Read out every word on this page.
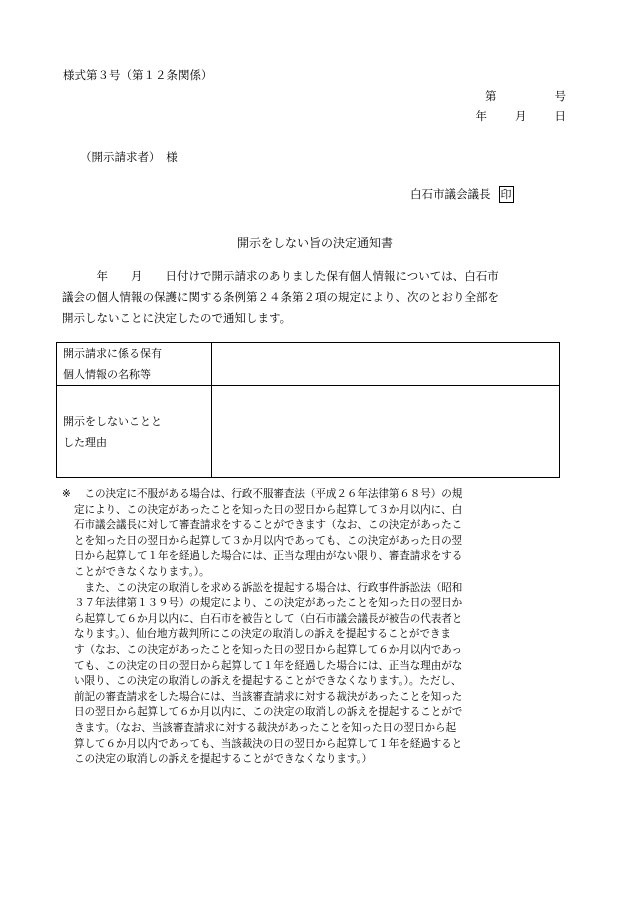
様式第３号（第１２条関係）
第	号
年 月 日
（開示請求者）　様
白石市議会議長 印
開示をしない旨の決定通知書
　　　年　　月　　日付けで開示請求のありました保有個人情報については、白石市
議会の個人情報の保護に関する条例第２４条第２項の規定により、次のとおり全部を
開示しないことに決定したので通知します。
開示請求に係る保有
個人情報の名称等	

開示をしないことと
した理由	

※　 この決定に不服がある場合は、行政不服審査法（平成２６年法律第６８号）の規
定により、この決定があったことを知った日の翌日から起算して３か月以内に、白
石市議会議長に対して審査請求をすることができます（なお、この決定があったこ
とを知った日の翌日から起算して３か月以内であっても、この決定があった日の翌
日から起算して１年を経過した場合には、正当な理由がない限り、審査請求をする
ことができなくなります。）。
　また、この決定の取消しを求める訴訟を提起する場合は、行政事件訴訟法（昭和
３７年法律第１３９号）の規定により、この決定があったことを知った日の翌日か
ら起算して６か月以内に、白石市を被告として（白石市議会議長が被告の代表者と
なります。）、仙台地方裁判所にこの決定の取消しの訴えを提起することができま
す（なお、この決定があったことを知った日の翌日から起算して６か月以内であっ
ても、この決定の日の翌日から起算して１年を経過した場合には、正当な理由がな
い限り、この決定の取消しの訴えを提起することができなくなります。）。ただし、
前記の審査請求をした場合には、当該審査請求に対する裁決があったことを知った
日の翌日から起算して６か月以内に、この決定の取消しの訴えを提起することがで
きます。（なお、当該審査請求に対する裁決があったことを知った日の翌日から起
算して６か月以内であっても、当該裁決の日の翌日から起算して１年を経過すると
この決定の取消しの訴えを提起することができなくなります。）
